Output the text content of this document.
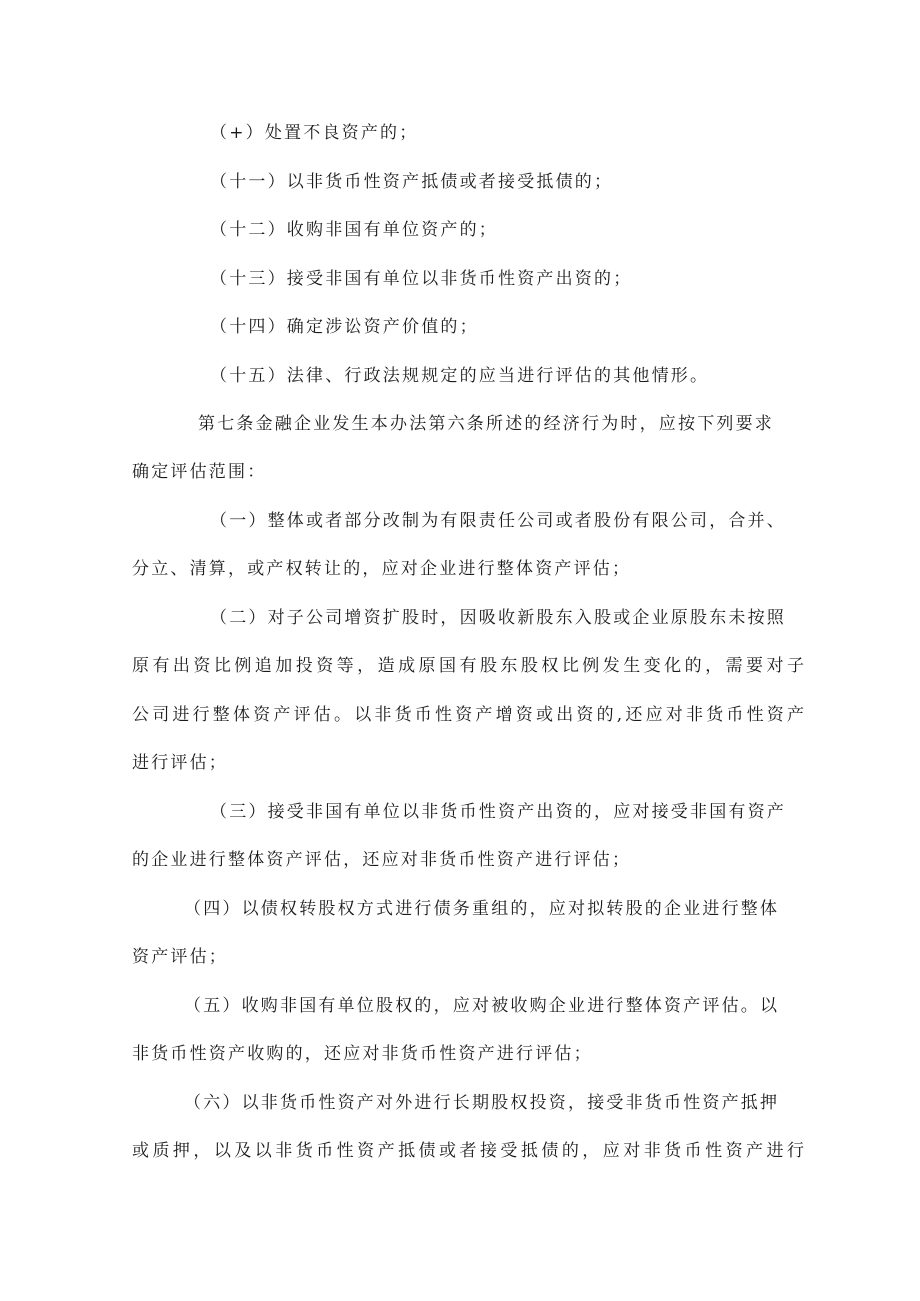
（+）处置不良资产的；
（十一）以非货币性资产抵债或者接受抵债的；
（十二）收购非国有单位资产的；
（十三）接受非国有单位以非货币性资产出资的；
（十四）确定涉讼资产价值的；
（十五）法律、行政法规规定的应当进行评估的其他情形。
第七条金融企业发生本办法第六条所述的经济行为时，应按下列要求
确定评估范围：
（一）整体或者部分改制为有限责任公司或者股份有限公司，合并、
分立、清算，或产权转让的，应对企业进行整体资产评估；
（二）对子公司增资扩股时，因吸收新股东入股或企业原股东未按照
原有出资比例追加投资等，造成原国有股东股权比例发生变化的，需要对子
公司进行整体资产评估。以非货币性资产增资或出资的,还应对非货币性资产
进行评估；
（三）接受非国有单位以非货币性资产出资的，应对接受非国有资产
的企业进行整体资产评估，还应对非货币性资产进行评估；
（四）以债权转股权方式进行债务重组的，应对拟转股的企业进行整体
资产评估；
（五）收购非国有单位股权的，应对被收购企业进行整体资产评估。以
非货币性资产收购的，还应对非货币性资产进行评估；
（六）以非货币性资产对外进行长期股权投资，接受非货币性资产抵押
或质押，以及以非货币性资产抵债或者接受抵债的，应对非货币性资产进行
